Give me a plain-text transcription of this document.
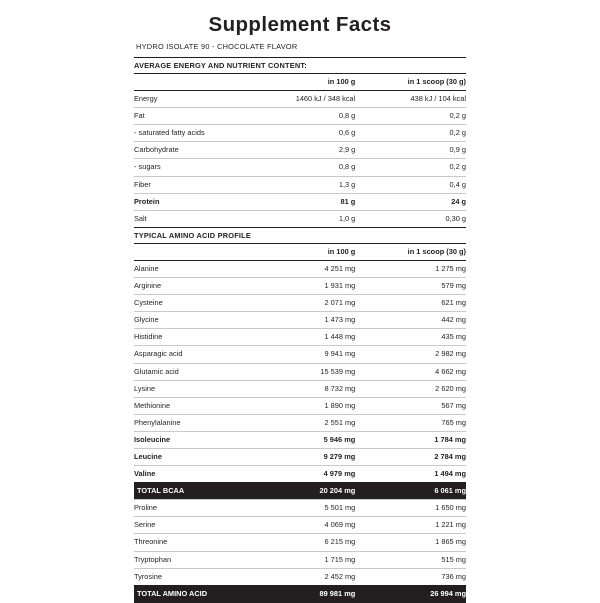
Supplement Facts
HYDRO ISOLATE 90 - CHOCOLATE FLAVOR
AVERAGE ENERGY AND NUTRIENT CONTENT:		
	in 100 g	in 1 scoop (30 g)
Energy	1460 kJ / 348 kcal	438 kJ / 104 kcal
Fat	0,8 g	0,2 g
- saturated fatty acids	0,6 g	0,2 g
Carbohydrate	2,9 g	0,9 g
- sugars	0,8 g	0,2 g
Fiber	1,3 g	0,4 g
Protein	81 g	24 g
Salt	1,0 g	0,30 g
TYPICAL AMINO ACID PROFILE		
	in 100 g	in 1 scoop (30 g)
Alanine	4 251 mg	1 275 mg
Arginine	1 931 mg	579 mg
Cysteine	2 071 mg	621 mg
Glycine	1 473 mg	442 mg
Histidine	1 448 mg	435 mg
Asparagic acid	9 941 mg	2 982 mg
Glutamic acid	15 539 mg	4 662 mg
Lysine	8 732 mg	2 620 mg
Methionine	1 890 mg	567 mg
Phenylalanine	2 551 mg	765 mg
Isoleucine	5 946 mg	1 784 mg
Leucine	9 279 mg	2 784 mg
Valine	4 979 mg	1 494 mg
TOTAL BCAA	20 204 mg	6 061 mg
Proline	5 501 mg	1 650 mg
Serine	4 069 mg	1 221 mg
Threonine	6 215 mg	1 865 mg
Tryptophan	1 715 mg	515 mg
Tyrosine	2 452 mg	736 mg
TOTAL AMINO ACID	89 981 mg	26 994 mg
